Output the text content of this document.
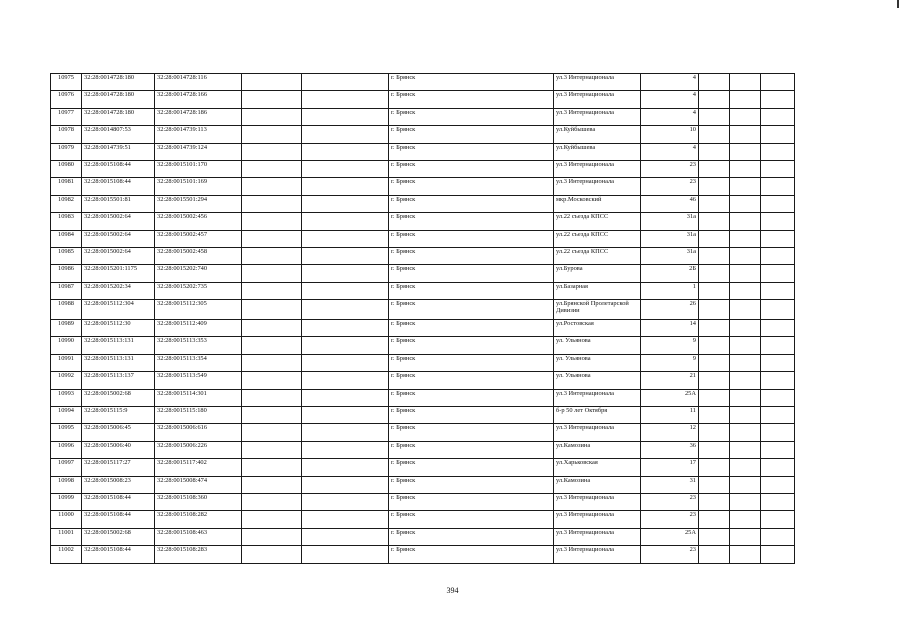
10975	32:28:0014728:180	32:28:0014728:116			г. Брянск	ул.3 Интернационала	4			
10976	32:28:0014728:180	32:28:0014728:166			г. Брянск	ул.3 Интернационала	4			
10977	32:28:0014728:180	32:28:0014728:186			г. Брянск	ул.3 Интернационала	4			
10978	32:28:0014807:53	32:28:0014739:113			г. Брянск	ул.Куйбышева	10			
10979	32:28:0014739:51	32:28:0014739:124			г. Брянск	ул.Куйбышева	4			
10980	32:28:0015108:44	32:28:0015101:170			г. Брянск	ул.3 Интернационала	23			
10981	32:28:0015108:44	32:28:0015101:169			г. Брянск	ул.3 Интернационала	23			
10982	32:28:0015501:81	32:28:0015501:294			г. Брянск	мкр.Московский	46			
10983	32:28:0015002:64	32:28:0015002:456			г. Брянск	ул.22 съезда КПСС	31а			
10984	32:28:0015002:64	32:28:0015002:457			г. Брянск	ул.22 съезда КПСС	31а			
10985	32:28:0015002:64	32:28:0015002:458			г. Брянск	ул.22 съезда КПСС	31а			
10986	32:28:0015201:1175	32:28:0015202:740			г. Брянск	ул.Бурова	2Б			
10987	32:28:0015202:34	32:28:0015202:735			г. Брянск	ул.Базарная	1			
10988	32:28:0015112:304	32:28:0015112:305			г. Брянск	ул.Брянской Пролетарской Дивизии	26			
10989	32:28:0015112:30	32:28:0015112:409			г. Брянск	ул.Ростовская	14			
10990	32:28:0015113:131	32:28:0015113:353			г. Брянск	ул. Ульянова	9			
10991	32:28:0015113:131	32:28:0015113:354			г. Брянск	ул. Ульянова	9			
10992	32:28:0015113:137	32:28:0015113:549			г. Брянск	ул. Ульянова	21			
10993	32:28:0015002:68	32:28:0015114:301			г. Брянск	ул.3 Интернационала	25А			
10994	32:28:0015115:9	32:28:0015115:180			г. Брянск	б-р 50 лет Октября	11			
10995	32:28:0015006:45	32:28:0015006:616			г. Брянск	ул.3 Интернационала	12			
10996	32:28:0015006:40	32:28:0015006:226			г. Брянск	ул.Камозина	36			
10997	32:28:0015117:27	32:28:0015117:402			г. Брянск	ул.Харьковская	17			
10998	32:28:0015008:23	32:28:0015008:474			г. Брянск	ул.Камозина	31			
10999	32:28:0015108:44	32:28:0015108:360			г. Брянск	ул.3 Интернационала	23			
11000	32:28:0015108:44	32:28:0015108:282			г. Брянск	ул.3 Интернационала	23			
11001	32:28:0015002:68	32:28:0015108:463			г. Брянск	ул.3 Интернационала	25А			
11002	32:28:0015108:44	32:28:0015108:283			г. Брянск	ул.3 Интернационала	23			
394
